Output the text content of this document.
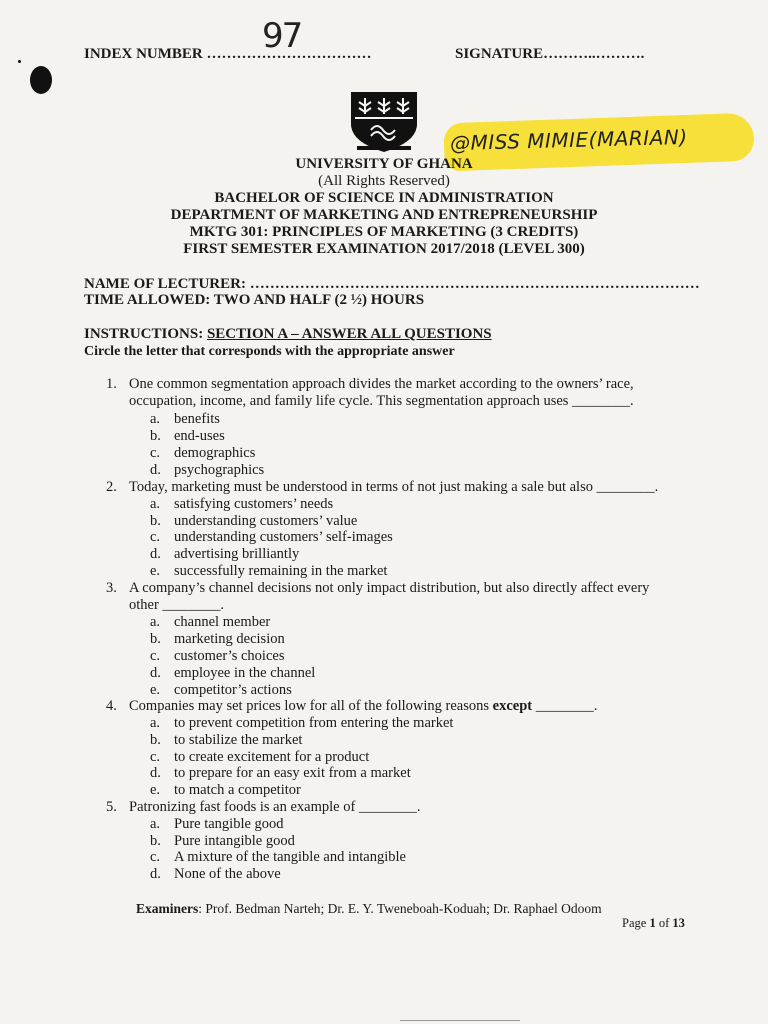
97
INDEX NUMBER ……………………………	SIGNATURE………..……….
@MISS MIMIE(MARIAN)
UNIVERSITY OF GHANA
(All Rights Reserved)
BACHELOR OF SCIENCE IN ADMINISTRATION
DEPARTMENT OF MARKETING AND ENTREPRENEURSHIP
MKTG 301: PRINCIPLES OF MARKETING (3 CREDITS)
FIRST SEMESTER EXAMINATION 2017/2018 (LEVEL 300)
NAME OF LECTURER: ………………………………………………………………………………
TIME ALLOWED: TWO AND HALF (2 ½) HOURS
INSTRUCTIONS: SECTION A – ANSWER ALL QUESTIONS
Circle the letter that corresponds with the appropriate answer
1. One common segmentation approach divides the market according to the owners’ race,
occupation, income, and family life cycle. This segmentation approach uses ________.
a. benefits
b. end-uses
c. demographics
d. psychographics
2. Today, marketing must be understood in terms of not just making a sale but also ________.
a. satisfying customers’ needs
b. understanding customers’ value
c. understanding customers’ self-images
d. advertising brilliantly
e. successfully remaining in the market
3. A company’s channel decisions not only impact distribution, but also directly affect every
other ________.
a. channel member
b. marketing decision
c. customer’s choices
d. employee in the channel
e. competitor’s actions
4. Companies may set prices low for all of the following reasons except ________.
a. to prevent competition from entering the market
b. to stabilize the market
c. to create excitement for a product
d. to prepare for an easy exit from a market
e. to match a competitor
5. Patronizing fast foods is an example of ________.
a. Pure tangible good
b. Pure intangible good
c. A mixture of the tangible and intangible
d. None of the above
Examiners: Prof. Bedman Narteh; Dr. E. Y. Tweneboah-Koduah; Dr. Raphael Odoom
Page 1 of 13
